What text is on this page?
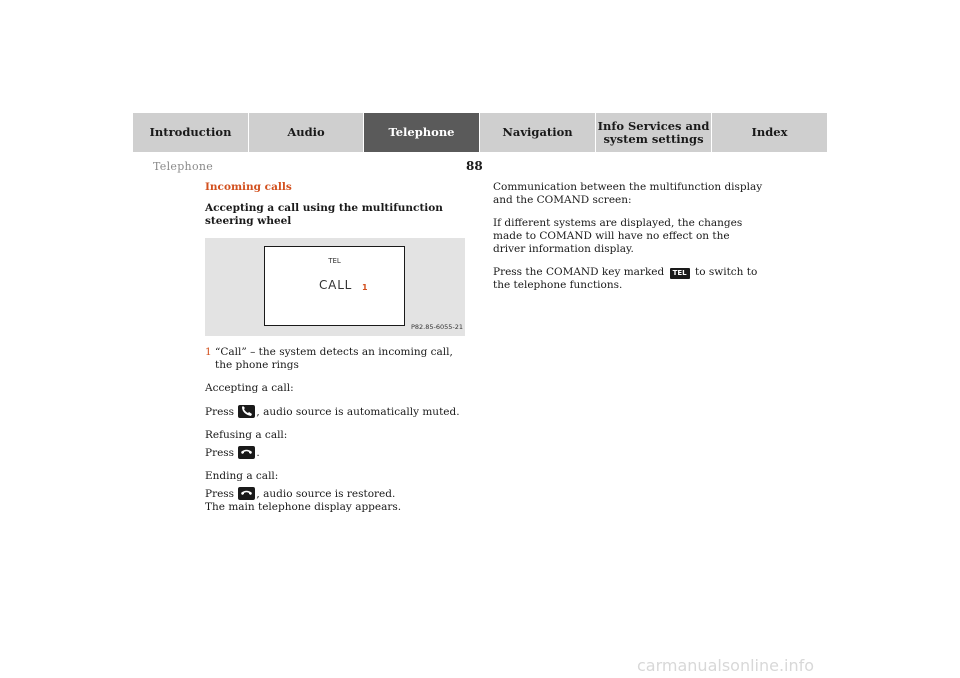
Introduction	Audio	Telephone	Navigation Info Services and
system settings	Index
Telephone	88
Incoming calls
Accepting a call using the multifunction steering wheel
TEL
CALL 1
P82.85-6055-21
1 “Call” – the system detects an incoming call, the phone rings

Accepting a call:

Press , audio source is automatically muted.

Refusing a call:

Press .

Ending a call:

Press , audio source is restored.

The main telephone display appears.

Communication between the multifunction display and the COMAND screen:

If different systems are displayed, the changes made to COMAND will have no effect on the driver information display.

Press the COMAND key marked TEL to switch to the telephone functions.

carmanualsonline.info
